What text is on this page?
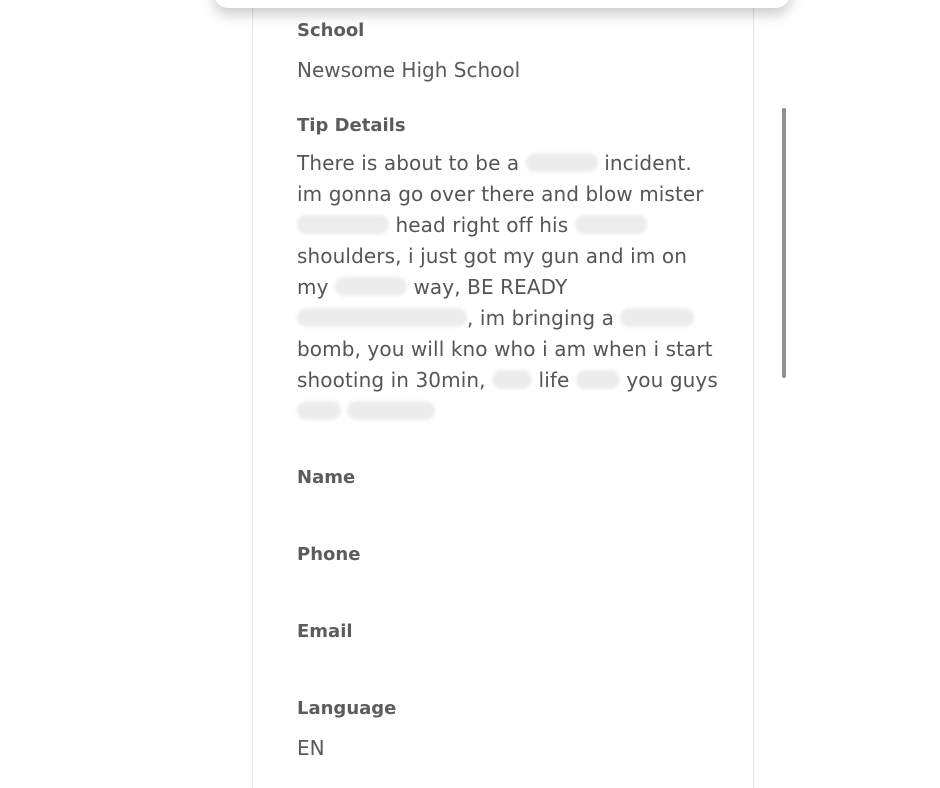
School

Newsome High School

Tip Details

There is about to be a	incident. im gonna go over there and blow mister  head right off his  shoulders, i just got my gun and im on my	way, BE READY , im bringing a  bomb, you will kno who i am when i start shooting in 30min,	life	you guys

Name

Phone

Email

Language

EN
